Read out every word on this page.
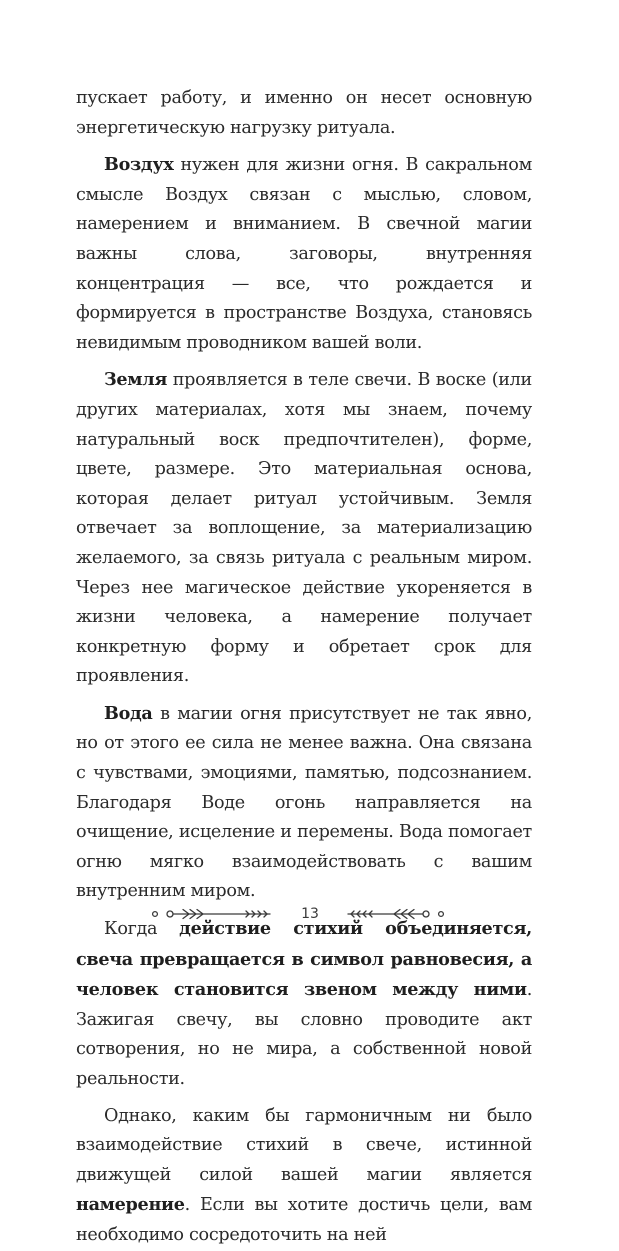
пускает работу, и именно он несет основную энергетическую нагрузку ритуала.

Воздух нужен для жизни огня. В сакральном смысле Воздух связан с мыслью, словом, намерением и вниманием. В свечной магии важны слова, заговоры, внутренняя концентрация — все, что рождается и формируется в пространстве Воздуха, становясь невидимым проводником вашей воли.

Земля проявляется в теле свечи. В воске (или других материалах, хотя мы знаем, почему натуральный воск предпочтителен), форме, цвете, размере. Это материальная основа, которая делает ритуал устойчивым. Земля отвечает за воплощение, за материализацию желаемого, за связь ритуала с реальным миром. Через нее магическое действие укореняется в жизни человека, а намерение получает конкретную форму и обретает срок для проявления.

Вода в магии огня присутствует не так явно, но от этого ее сила не менее важна. Она связана с чувствами, эмоциями, памятью, подсознанием. Благодаря Воде огонь направляется на очищение, исцеление и перемены. Вода помогает огню мягко взаимодействовать с вашим внутренним миром.

Когда действие стихий объединяется, свеча превращается в символ равновесия, а человек становится звеном между ними. Зажигая свечу, вы словно проводите акт сотворения, но не мира, а собственной новой реальности.

Однако, каким бы гармоничным ни было взаимодействие стихий в свече, истинной движущей силой вашей магии является намерение. Если вы хотите достичь цели, вам необходимо сосредоточить на ней

13
